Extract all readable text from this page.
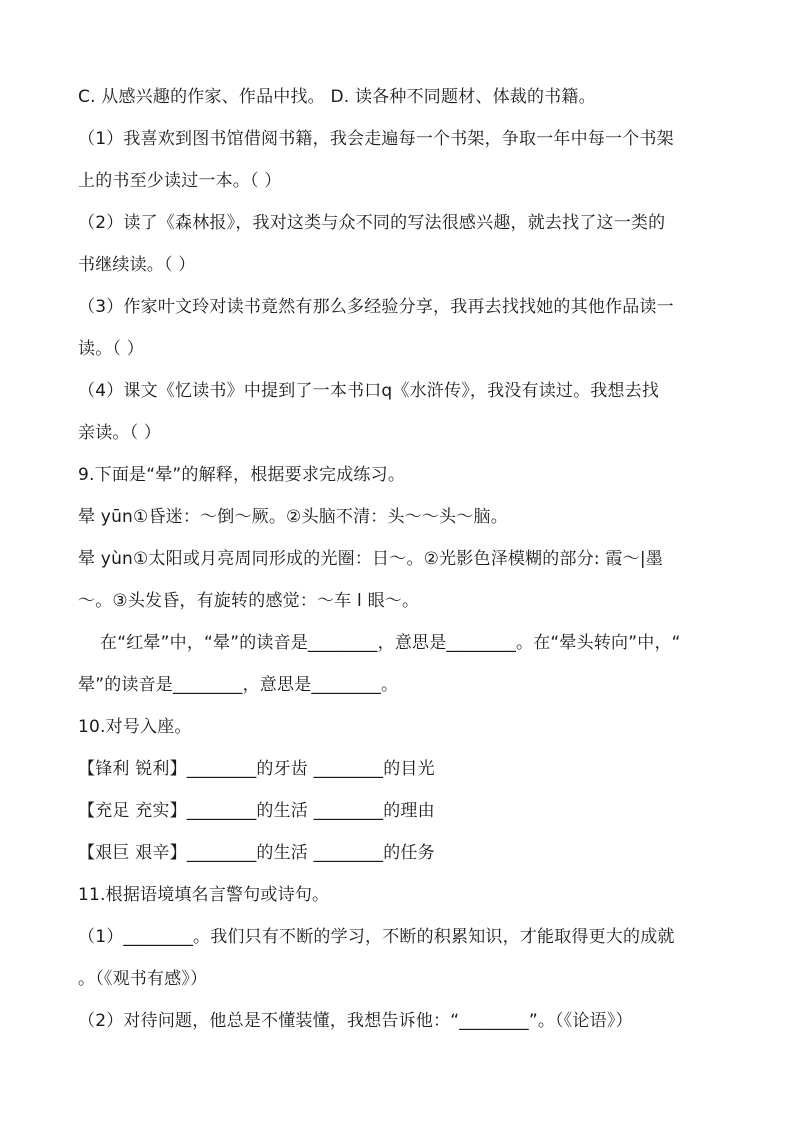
C. 从感兴趣的作家、作品中找。 D. 读各种不同题材、体裁的书籍。
（1）我喜欢到图书馆借阅书籍，我会走遍每一个书架，争取一年中每一个书架
上的书至少读过一本。（ ）
（2）读了《森林报》，我对这类与众不同的写法很感兴趣，就去找了这一类的
书继续读。（ ）
（3）作家叶文玲对读书竟然有那么多经验分享，我再去找找她的其他作品读一
读。（ ）
（4）课文《忆读书》中提到了一本书口q《水浒传》，我没有读过。我想去找
亲读。（ ）
9.下面是“晕”的解释，根据要求完成练习。
晕 yūn①昏迷：～倒～厥。②头脑不清：头～～头～脑。
晕 yùn①太阳或月亮周同形成的光圈：日～。②光影色泽模糊的部分: 霞～|墨
～。③头发昏，有旋转的感觉：～车 l 眼～。
在“红晕”中，“晕”的读音是________，意思是________。在“晕头转向”中，“
晕”的读音是________，意思是________。
10.对号入座。
【锋利 锐利】________的牙齿 ________的目光
【充足 充实】________的生活 ________的理由
【艰巨 艰辛】________的生活 ________的任务
11.根据语境填名言警句或诗句。
（1）________。我们只有不断的学习，不断的积累知识，才能取得更大的成就
。（《观书有感》）
（2）对待问题，他总是不懂装懂，我想告诉他：“________”。（《论语》）
